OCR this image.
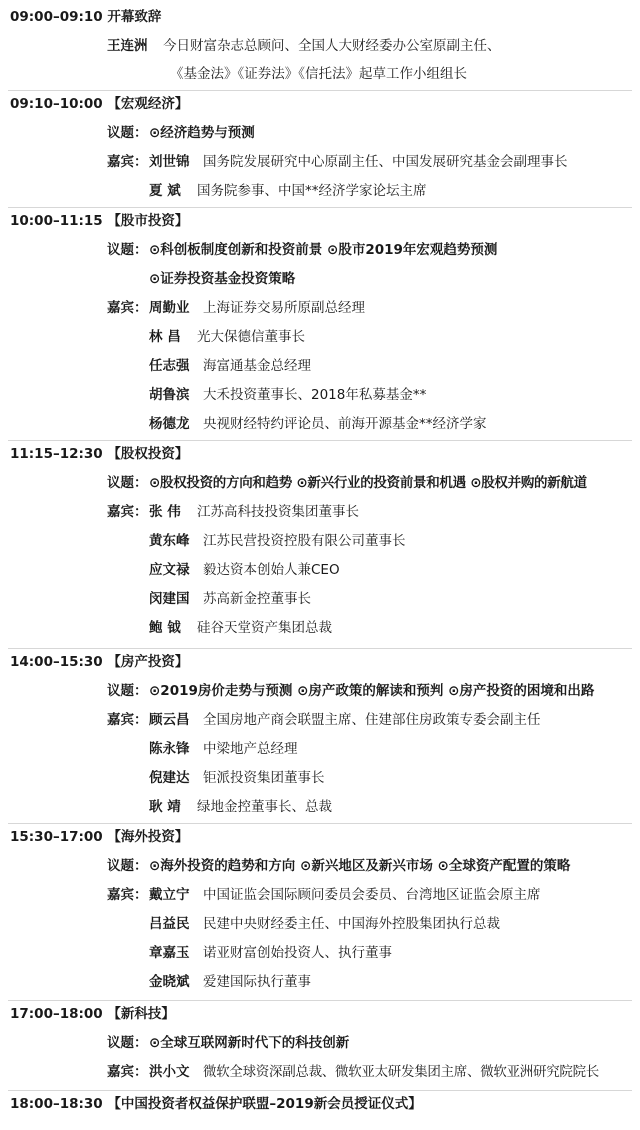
09:00–09:10 开幕致辞
王连洲 今日财富杂志总顾问、全国人大财经委办公室原副主任、
《基金法》《证券法》《信托法》起草工作小组组长
09:10–10:00 【宏观经济】
议题： ⊙经济趋势与预测
嘉宾： 刘世锦 国务院发展研究中心原副主任、中国发展研究基金会副理事长
夏 斌 国务院参事、中国**经济学家论坛主席
10:00–11:15 【股市投资】
议题： ⊙科创板制度创新和投资前景 ⊙股市2019年宏观趋势预测
⊙证券投资基金投资策略
嘉宾： 周勤业 上海证券交易所原副总经理
林 昌 光大保德信董事长
任志强 海富通基金总经理
胡鲁滨 大禾投资董事长、2018年私募基金**
杨德龙 央视财经特约评论员、前海开源基金**经济学家
11:15–12:30 【股权投资】
议题： ⊙股权投资的方向和趋势 ⊙新兴行业的投资前景和机遇 ⊙股权并购的新航道
嘉宾： 张 伟 江苏高科技投资集团董事长
黄东峰 江苏民营投资控股有限公司董事长
应文禄 毅达资本创始人兼CEO
闵建国 苏高新金控董事长
鲍 钺 硅谷天堂资产集团总裁
14:00–15:30 【房产投资】
议题： ⊙2019房价走势与预测 ⊙房产政策的解读和预判 ⊙房产投资的困境和出路
嘉宾： 顾云昌 全国房地产商会联盟主席、住建部住房政策专委会副主任
陈永锋 中梁地产总经理
倪建达 钜派投资集团董事长
耿 靖 绿地金控董事长、总裁
15:30–17:00 【海外投资】
议题： ⊙海外投资的趋势和方向 ⊙新兴地区及新兴市场 ⊙全球资产配置的策略
嘉宾： 戴立宁 中国证监会国际顾问委员会委员、台湾地区证监会原主席
吕益民 民建中央财经委主任、中国海外控股集团执行总裁
章嘉玉 诺亚财富创始投资人、执行董事
金晓斌 爱建国际执行董事
17:00–18:00 【新科技】
议题： ⊙全球互联网新时代下的科技创新
嘉宾： 洪小文 微软全球资深副总裁、微软亚太研发集团主席、微软亚洲研究院院长
18:00–18:30 【中国投资者权益保护联盟–2019新会员授证仪式】
